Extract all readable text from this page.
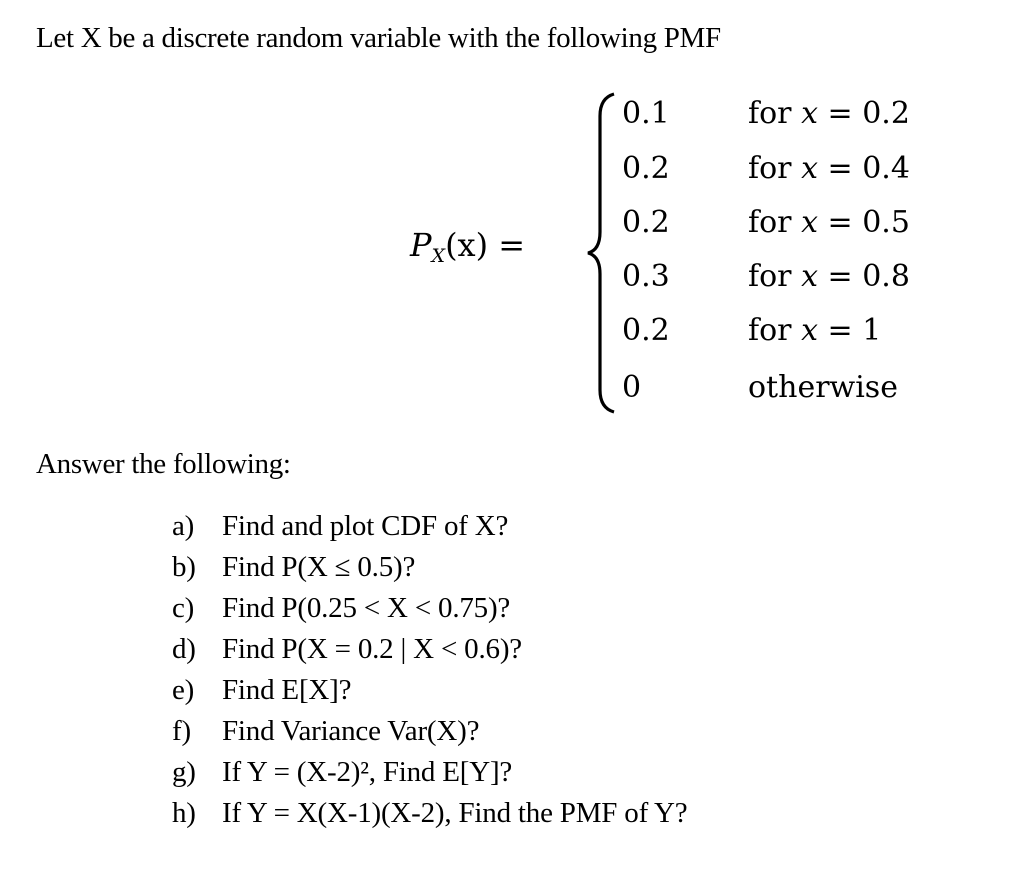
Let X be a discrete random variable with the following PMF
$P_X(x)$ =
0.1	for x = 0.2
0.2	for x = 0.4
0.2	for x = 0.5
0.3	for x = 0.8
0.2	for x = 1
0	otherwise
Answer the following:
a) Find and plot CDF of X?
b) Find P(X ≤ 0.5)?
c) Find P(0.25 < X < 0.75)?
d) Find P(X = 0.2 | X < 0.6)?
e) Find E[X]?
f)	Find Variance Var(X)?
g) If Y = (X-2)², Find E[Y]?
h) If Y = X(X-1)(X-2), Find the PMF of Y?
